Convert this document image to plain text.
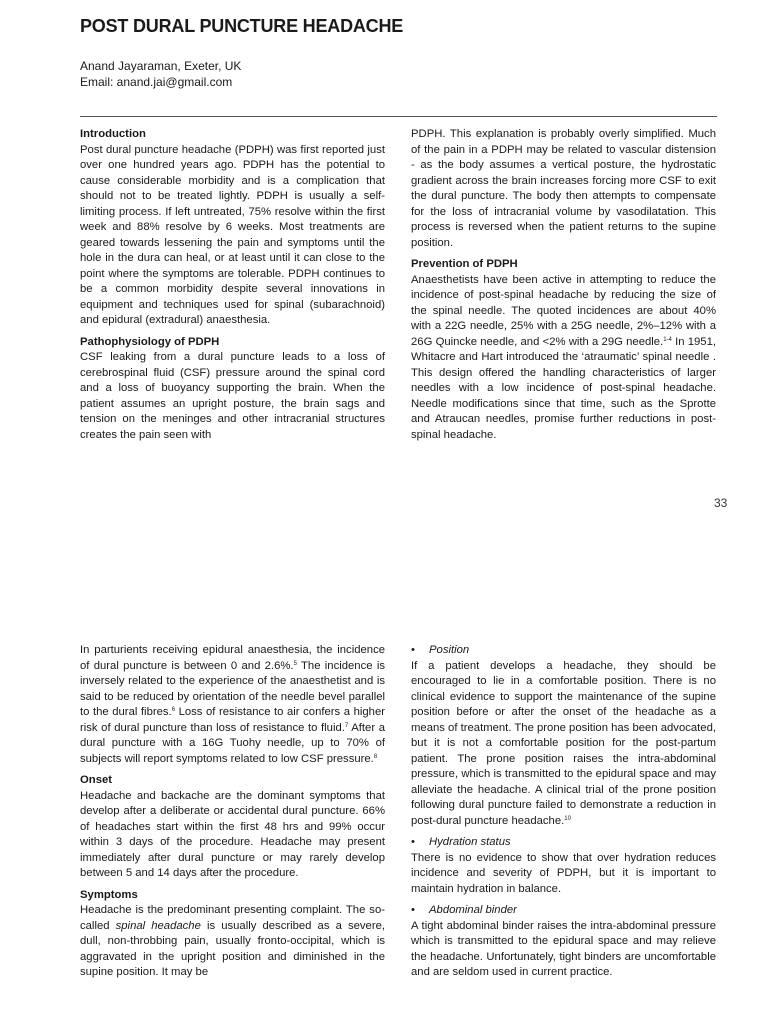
POST DURAL PUNCTURE HEADACHE
Anand Jayaraman, Exeter, UK
Email: anand.jai@gmail.com
Introduction

Post dural puncture headache (PDPH) was first reported just over one hundred years ago. PDPH has the potential to cause considerable morbidity and is a complication that should not to be treated lightly. PDPH is usually a self-limiting process. If left untreated, 75% resolve within the first week and 88% resolve by 6 weeks. Most treatments are geared towards lessening the pain and symptoms until the hole in the dura can heal, or at least until it can close to the point where the symptoms are tolerable. PDPH continues to be a common morbidity despite several innovations in equipment and techniques used for spinal (subarachnoid) and epidural (extradural) anaesthesia.

Pathophysiology of PDPH

CSF leaking from a dural puncture leads to a loss of cerebrospinal fluid (CSF) pressure around the spinal cord and a loss of buoyancy supporting the brain. When the patient assumes an upright posture, the brain sags and tension on the meninges and other intracranial structures creates the pain seen with

PDPH. This explanation is probably overly simplified. Much of the pain in a PDPH may be related to vascular distension - as the body assumes a vertical posture, the hydrostatic gradient across the brain increases forcing more CSF to exit the dural puncture. The body then attempts to compensate for the loss of intracranial volume by vasodilatation. This process is reversed when the patient returns to the supine position.

Prevention of PDPH

Anaesthetists have been active in attempting to reduce the incidence of post-spinal headache by reducing the size of the spinal needle. The quoted incidences are about 40% with a 22G needle, 25% with a 25G needle, 2%–12% with a 26G Quincke needle, and <2% with a 29G needle.$^{1-4}$ In 1951, Whitacre and Hart introduced the ‘atraumatic’ spinal needle . This design offered the handling characteristics of larger needles with a low incidence of post-spinal headache. Needle modifications since that time, such as the Sprotte and Atraucan needles, promise further reductions in post-spinal headache.

33

In parturients receiving epidural anaesthesia, the incidence of dural puncture is between 0 and 2.6%.$^5$ The incidence is inversely related to the experience of the anaesthetist and is said to be reduced by orientation of the needle bevel parallel to the dural fibres.$^6$ Loss of resistance to air confers a higher risk of dural puncture than loss of resistance to fluid.$^7$ After a dural puncture with a 16G Tuohy needle, up to 70% of subjects will report symptoms related to low CSF pressure.$^8$

Onset

Headache and backache are the dominant symptoms that develop after a deliberate or accidental dural puncture. 66% of headaches start within the first 48 hrs and 99% occur within 3 days of the procedure. Headache may present immediately after dural puncture or may rarely develop between 5 and 14 days after the procedure.

Symptoms

Headache is the predominant presenting complaint. The so-called spinal headache is usually described as a severe, dull, non-throbbing pain, usually fronto-occipital, which is aggravated in the upright position and diminished in the supine position. It may be

• Position

If a patient develops a headache, they should be encouraged to lie in a comfortable position. There is no clinical evidence to support the maintenance of the supine position before or after the onset of the headache as a means of treatment. The prone position has been advocated, but it is not a comfortable position for the post-partum patient. The prone position raises the intra-abdominal pressure, which is transmitted to the epidural space and may alleviate the headache. A clinical trial of the prone position following dural puncture failed to demonstrate a reduction in post-dural puncture headache.$^{10}$

• Hydration status

There is no evidence to show that over hydration reduces incidence and severity of PDPH, but it is important to maintain hydration in balance.

• Abdominal binder

A tight abdominal binder raises the intra-abdominal pressure which is transmitted to the epidural space and may relieve the headache. Unfortunately, tight binders are uncomfortable and are seldom used in current practice.
